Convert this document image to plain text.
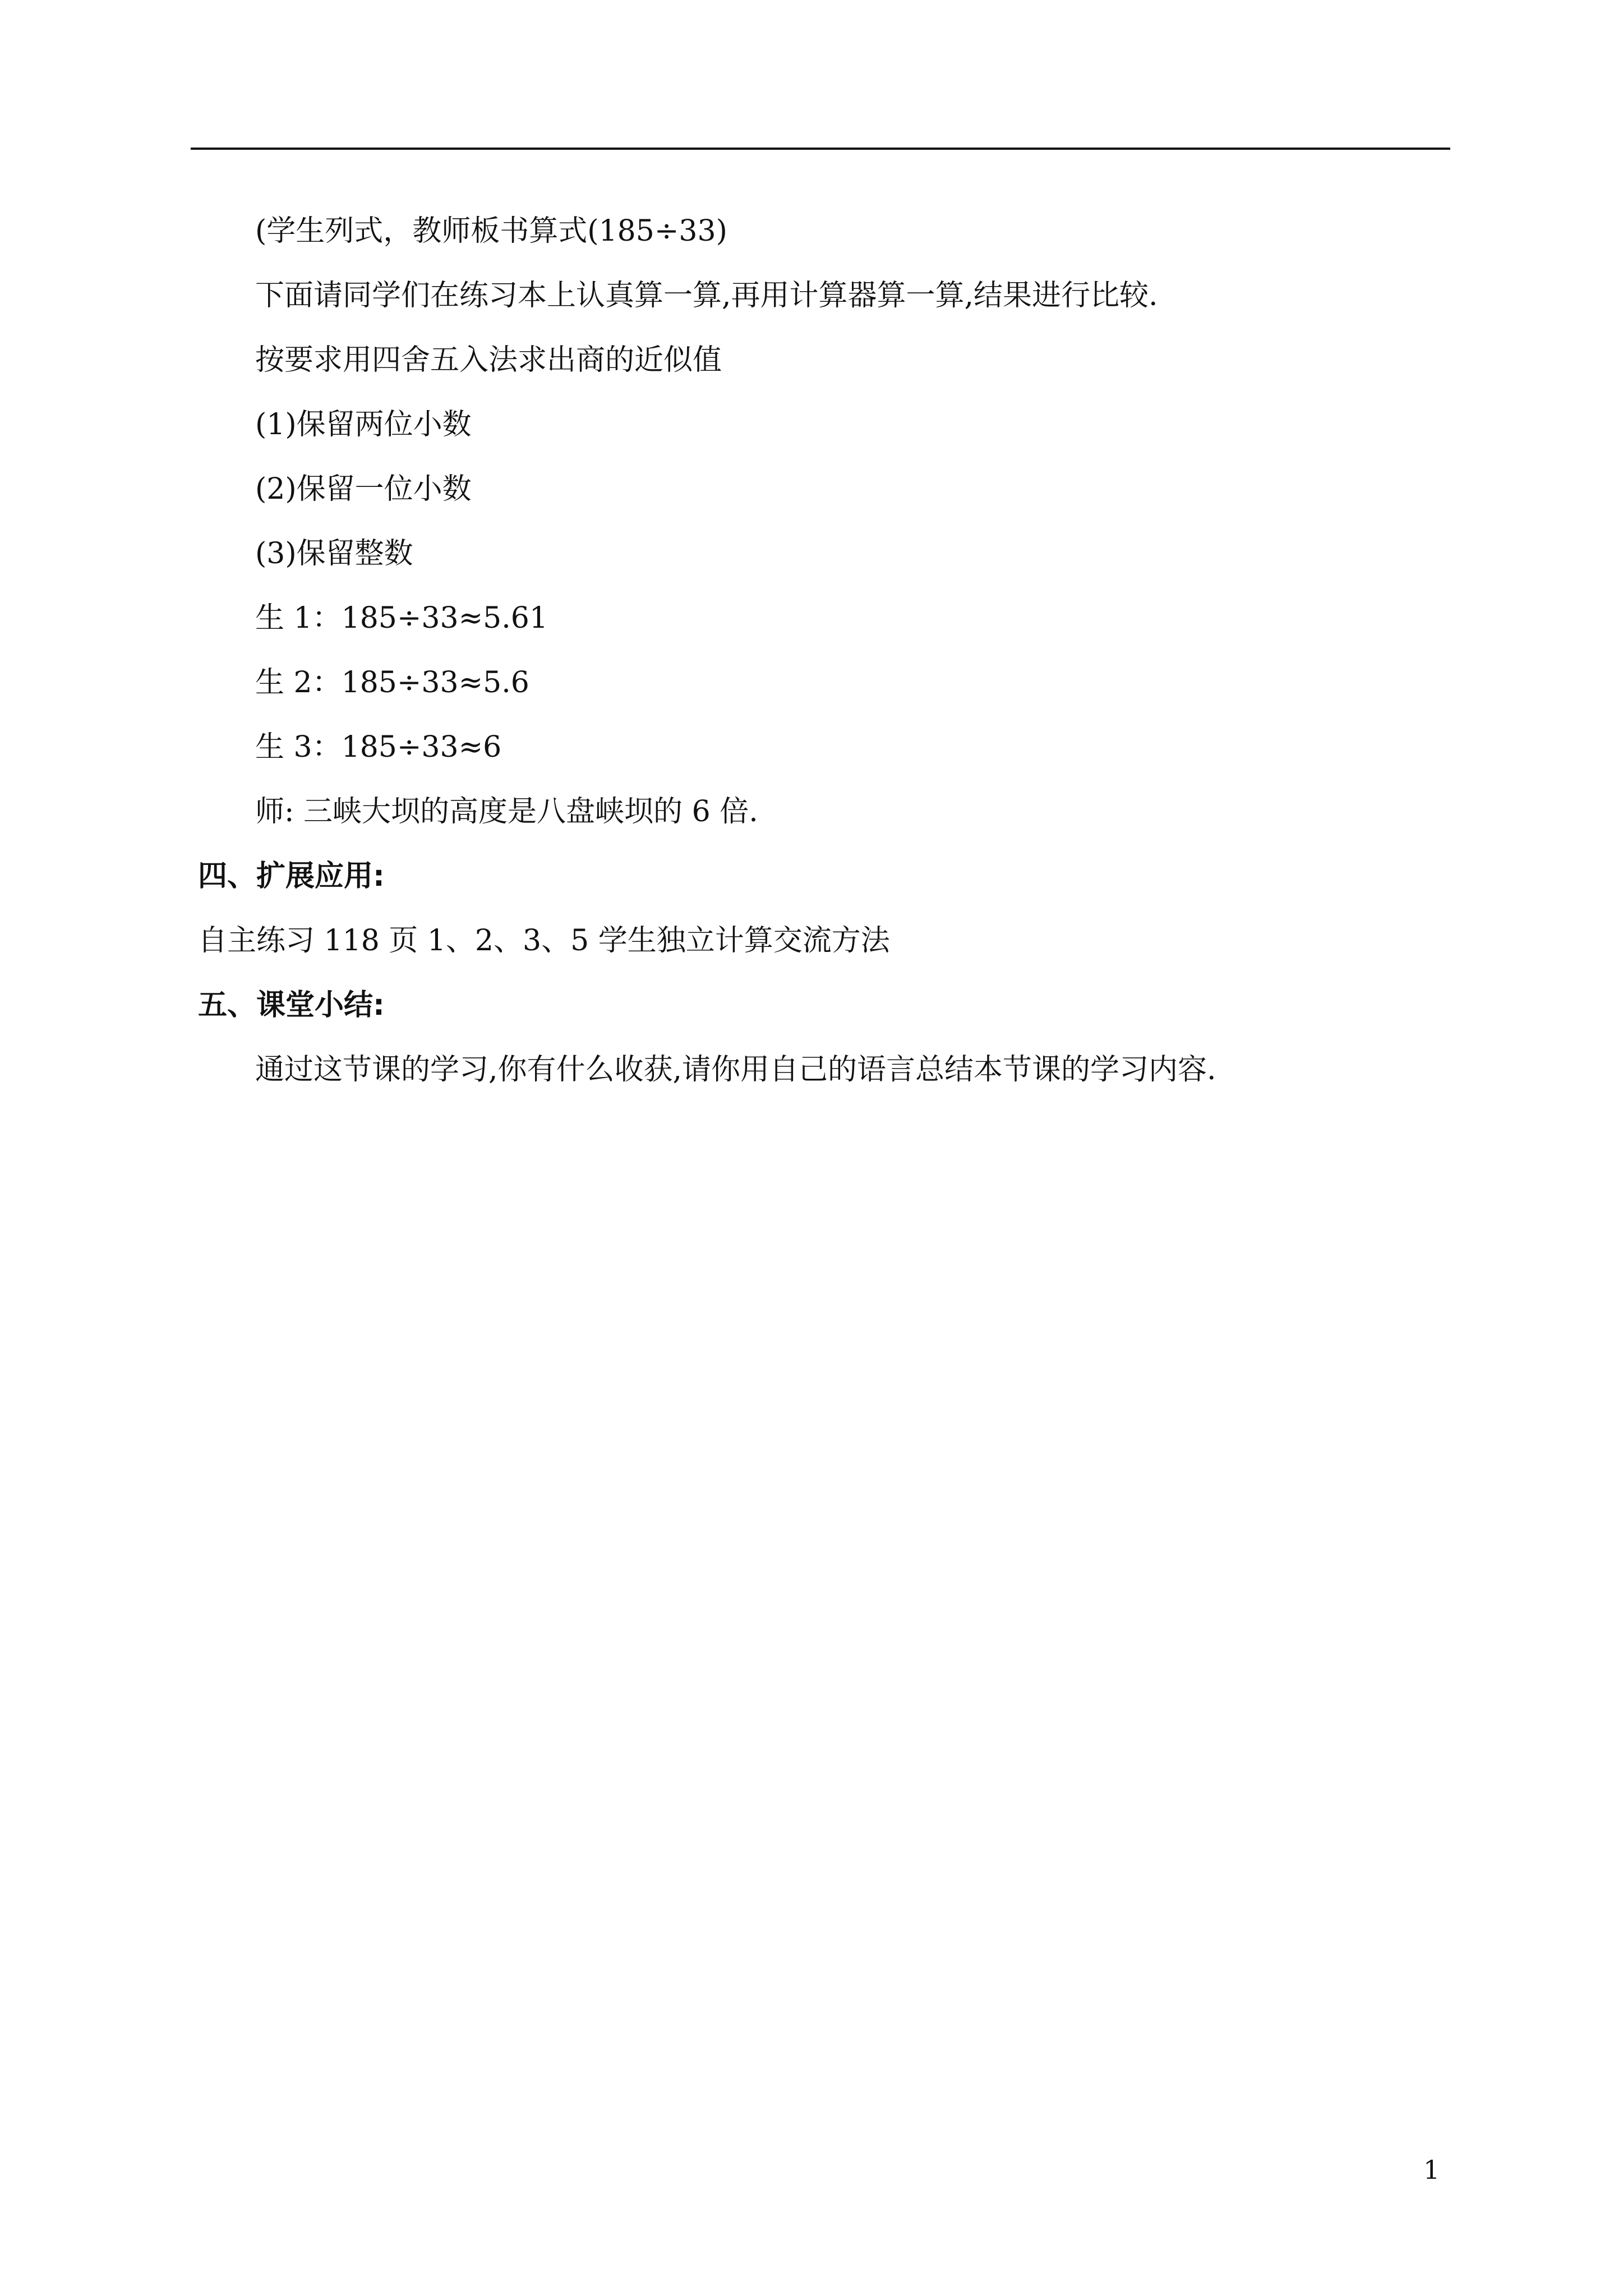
(学生列式，教师板书算式(185÷33)
下面请同学们在练习本上认真算一算,再用计算器算一算,结果进行比较.
按要求用四舍五入法求出商的近似值
(1)保留两位小数
(2)保留一位小数
(3)保留整数
生 1：185÷33≈5.61
生 2：185÷33≈5.6
生 3：185÷33≈6
师: 三峡大坝的高度是八盘峡坝的 6 倍.
四、扩展应用:
自主练习 118 页 1、2、3、5 学生独立计算交流方法
五、课堂小结:
通过这节课的学习,你有什么收获,请你用自己的语言总结本节课的学习内容.
1
